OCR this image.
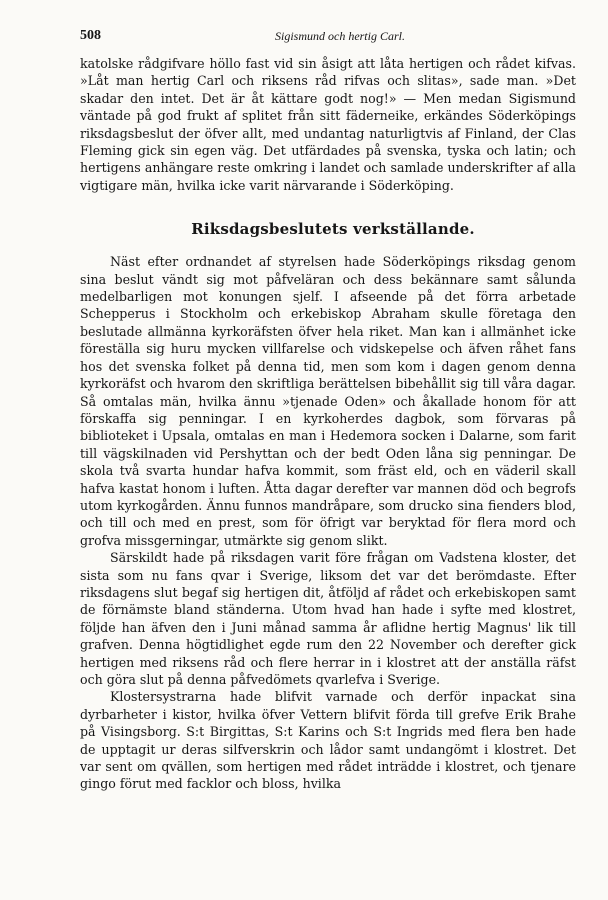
508	Sigismund och hertig Carl.

katolske rådgifvare höllo fast vid sin åsigt att låta hertigen och rådet kifvas. »Låt man hertig Carl och riksens råd rifvas och slitas», sade man. »Det skadar den intet. Det är åt kättare godt nog!» — Men medan Sigismund väntade på god frukt af splitet från sitt fäderneike, erkändes Söderköpings riksdagsbeslut der öfver allt, med undantag naturligtvis af Finland, der Clas Fleming gick sin egen väg. Det utfärdades på svenska, tyska och latin; och hertigens anhängare reste omkring i landet och samlade underskrifter af alla vigtigare män, hvilka icke varit närvarande i Söderköping.

Riksdagsbeslutets verkställande.

Näst efter ordnandet af styrelsen hade Söderköpings riksdag genom sina beslut vändt sig mot påfveläran och dess bekännare samt sålunda medelbarligen mot konungen sjelf. I afseende på det förra arbetade Schepperus i Stockholm och erkebiskop Abraham skulle företaga den beslutade allmänna kyrkoräfsten öfver hela riket. Man kan i allmänhet icke föreställa sig huru mycken villfarelse och vidskepelse och äfven råhet fans hos det svenska folket på denna tid, men som kom i dagen genom denna kyrkoräfst och hvarom den skriftliga berättelsen bibehållit sig till våra dagar. Så omtalas män, hvilka ännu »tjenade Oden» och åkallade honom för att förskaffa sig penningar. I en kyrkoherdes dagbok, som förvaras på biblioteket i Upsala, omtalas en man i Hedemora socken i Dalarne, som farit till vägskilnaden vid Pershyttan och der bedt Oden låna sig penningar. De skola två svarta hundar hafva kommit, som fräst eld, och en väderil skall hafva kastat honom i luften. Åtta dagar derefter var mannen död och begrofs utom kyrkogården. Ännu funnos mandråpare, som drucko sina fienders blod, och till och med en prest, som för öfrigt var beryktad för flera mord och grofva missgerningar, utmärkte sig genom slikt.

Särskildt hade på riksdagen varit före frågan om Vadstena kloster, det sista som nu fans qvar i Sverige, liksom det var det berömdaste. Efter riksdagens slut begaf sig hertigen dit, åtföljd af rådet och erkebiskopen samt de förnämste bland ständerna. Utom hvad han hade i syfte med klostret, följde han äfven den i Juni månad samma år aflidne hertig Magnus' lik till grafven. Denna högtidlighet egde rum den 22 November och derefter gick hertigen med riksens råd och flere herrar in i klostret att der anställa räfst och göra slut på denna påfvedömets qvarlefva i Sverige.

Klostersystrarna hade blifvit varnade och derför inpackat sina dyrbarheter i kistor, hvilka öfver Vettern blifvit förda till grefve Erik Brahe på Visingsborg. S:t Birgittas, S:t Karins och S:t Ingrids med flera ben hade de upptagit ur deras silfverskrin och lådor samt undangömt i klostret. Det var sent om qvällen, som hertigen med rådet inträdde i klostret, och tjenare gingo förut med facklor och bloss, hvilka
